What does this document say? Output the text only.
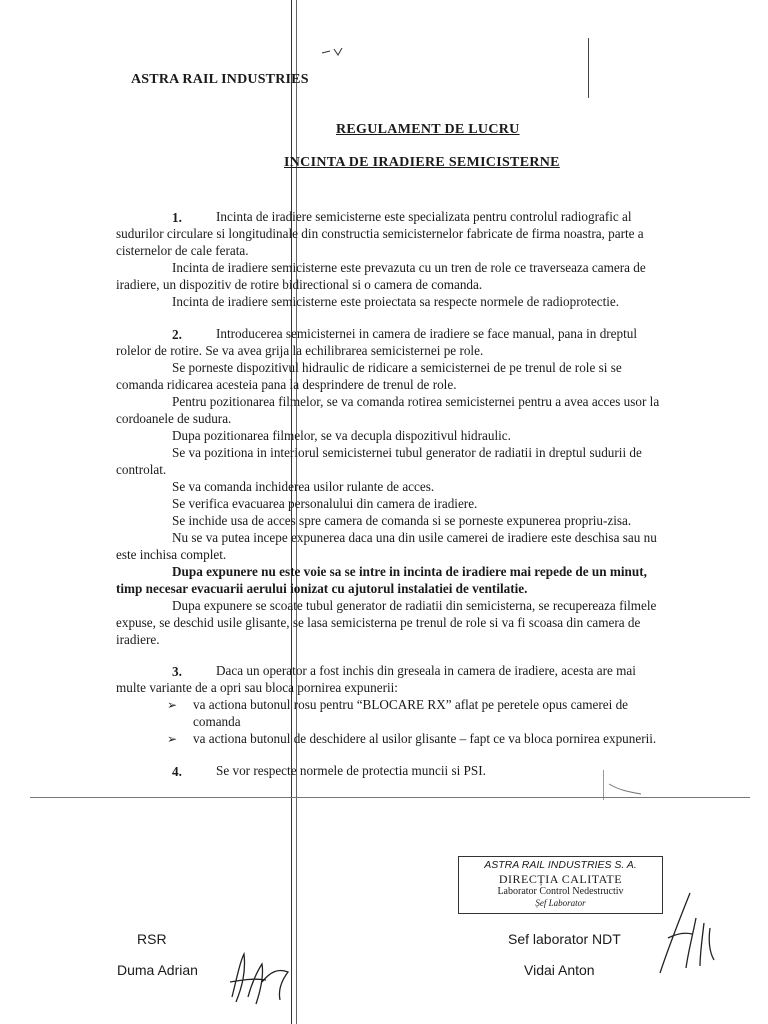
ASTRA RAIL INDUSTRIES
REGULAMENT DE LUCRU
INCINTA DE IRADIERE SEMICISTERNE
1.	Incinta de iradiere semicisterne este specializata pentru controlul radiografic al
sudurilor circulare si longitudinale din constructia semicisternelor fabricate de firma noastra, parte a
cisternelor de cale ferata.
Incinta de iradiere semicisterne este prevazuta cu un tren de role ce traverseaza camera de
iradiere, un dispozitiv de rotire bidirectional si o camera de comanda.
Incinta de iradiere semicisterne este proiectata sa respecte normele de radioprotectie.
2.	Introducerea semicisternei in camera de iradiere se face manual, pana in dreptul
rolelor de rotire. Se va avea grija la echilibrarea semicisternei pe role.
Se porneste dispozitivul hidraulic de ridicare a semicisternei de pe trenul de role si se
comanda ridicarea acesteia pana la desprindere de trenul de role.
Pentru pozitionarea filmelor, se va comanda rotirea semicisternei pentru a avea acces usor la
cordoanele de sudura.
Dupa pozitionarea filmelor, se va decupla dispozitivul hidraulic.
Se va pozitiona in interiorul semicisternei tubul generator de radiatii in dreptul sudurii de
controlat.
Se va comanda inchiderea usilor rulante de acces.
Se verifica evacuarea personalului din camera de iradiere.
Se inchide usa de acces spre camera de comanda si se porneste expunerea propriu-zisa.
Nu se va putea incepe expunerea daca una din usile camerei de iradiere este deschisa sau nu
este inchisa complet.
Dupa expunere nu este voie sa se intre in incinta de iradiere mai repede de un minut,
timp necesar evacuarii aerului ionizat cu ajutorul instalatiei de ventilatie.
Dupa expunere se scoate tubul generator de radiatii din semicisterna, se recupereaza filmele
expuse, se deschid usile glisante, se lasa semicisterna pe trenul de role si va fi scoasa din camera de
iradiere.
3.	Daca un operator a fost inchis din greseala in camera de iradiere, acesta are mai
multe variante de a opri sau bloca pornirea expunerii:
➢ va actiona butonul rosu pentru “BLOCARE RX” aflat pe peretele opus camerei de
comanda
➢ va actiona butonul de deschidere al usilor glisante – fapt ce va bloca pornirea expunerii.
4.	Se vor respecte normele de protectia muncii si PSI.
ASTRA RAIL INDUSTRIES S. A.
DIRECȚIA CALITATE
Laborator Control Nedestructiv
Șef Laborator
RSR
Duma Adrian
Sef laborator NDT
Vidai Anton
